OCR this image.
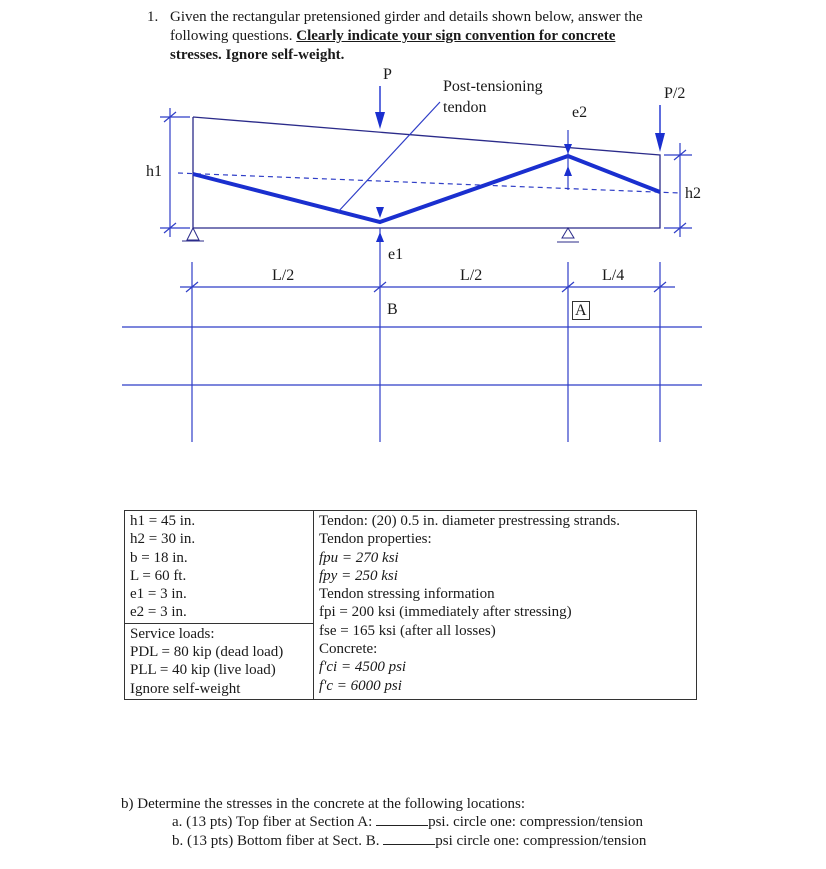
1. Given the rectangular pretensioned girder and details shown below, answer the
following questions. Clearly indicate your sign convention for concrete
stresses. Ignore self-weight.
P
P/2
Post-tensioning
tendon	e2
h1
h2
e1
L/2	L/2	L/4
B	A
h1 = 45 in.
h2 = 30 in.
b = 18 in.
L = 60 ft.
e1 = 3 in.
e2 = 3 in.

Tendon: (20) 0.5 in. diameter prestressing strands.
Tendon properties:
fpu = 270 ksi
fpy = 250 ksi
Tendon stressing information
fpi = 200 ksi (immediately after stressing)
fse = 165 ksi (after all losses)
Concrete:
f'ci = 4500 psi
f'c = 6000 psi

Service loads:
PDL = 80 kip (dead load)
PLL = 40 kip (live load)
Ignore self-weight
b) Determine the stresses in the concrete at the following locations:
a. (13 pts) Top fiber at Section A:	psi. circle one: compression/tension
b. (13 pts) Bottom fiber at Sect. B.	psi circle one: compression/tension
